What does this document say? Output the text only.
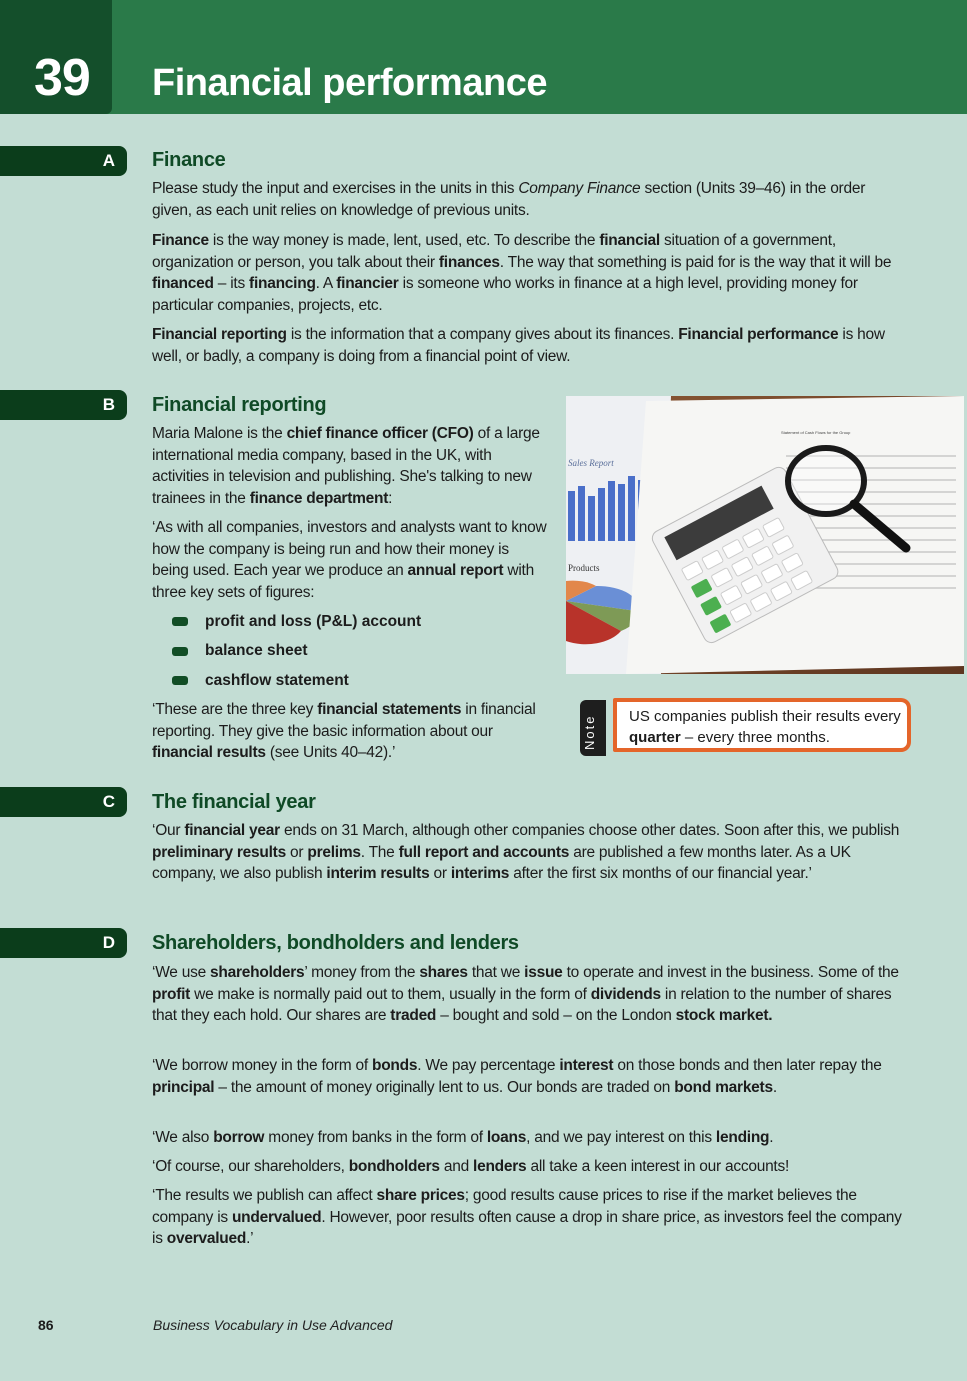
39 Financial performance
A Finance

Please study the input and exercises in the units in this Company Finance section (Units 39–46) in the order given, as each unit relies on knowledge of previous units.

Finance is the way money is made, lent, used, etc. To describe the financial situation of a government, organization or person, you talk about their finances. The way that something is paid for is the way that it will be financed – its financing. A financier is someone who works in finance at a high level, providing money for particular companies, projects, etc.

Financial reporting is the information that a company gives about its finances. Financial performance is how well, or badly, a company is doing from a financial point of view.

B Financial reporting

Maria Malone is the chief finance officer (CFO) of a large international media company, based in the UK, with activities in television and publishing. She's talking to new trainees in the finance department:

‘As with all companies, investors and analysts want to know how the company is being run and how their money is being used. Each year we produce an annual report with three key sets of figures:

profit and loss (P&L) account
balance sheet
cashflow statement

‘These are the three key financial statements in financial reporting. They give the basic information about our financial results (see Units 40–42).’

Sales Report
Products
Statement of Cash Flows for the Group
Note US companies publish their results every quarter – every three months.

C The financial year

‘Our financial year ends on 31 March, although other companies choose other dates. Soon after this, we publish preliminary results or prelims. The full report and accounts are published a few months later. As a UK company, we also publish interim results or interims after the first six months of our financial year.’

D Shareholders, bondholders and lenders

‘We use shareholders’ money from the shares that we issue to operate and invest in the business. Some of the profit we make is normally paid out to them, usually in the form of dividends in relation to the number of shares that they each hold. Our shares are traded – bought and sold – on the London stock market.

‘We borrow money in the form of bonds. We pay percentage interest on those bonds and then later repay the principal – the amount of money originally lent to us. Our bonds are traded on bond markets.

‘We also borrow money from banks in the form of loans, and we pay interest on this lending.

‘Of course, our shareholders, bondholders and lenders all take a keen interest in our accounts!

‘The results we publish can affect share prices; good results cause prices to rise if the market believes the company is undervalued. However, poor results often cause a drop in share price, as investors feel the company is overvalued.’

86	Business Vocabulary in Use Advanced
